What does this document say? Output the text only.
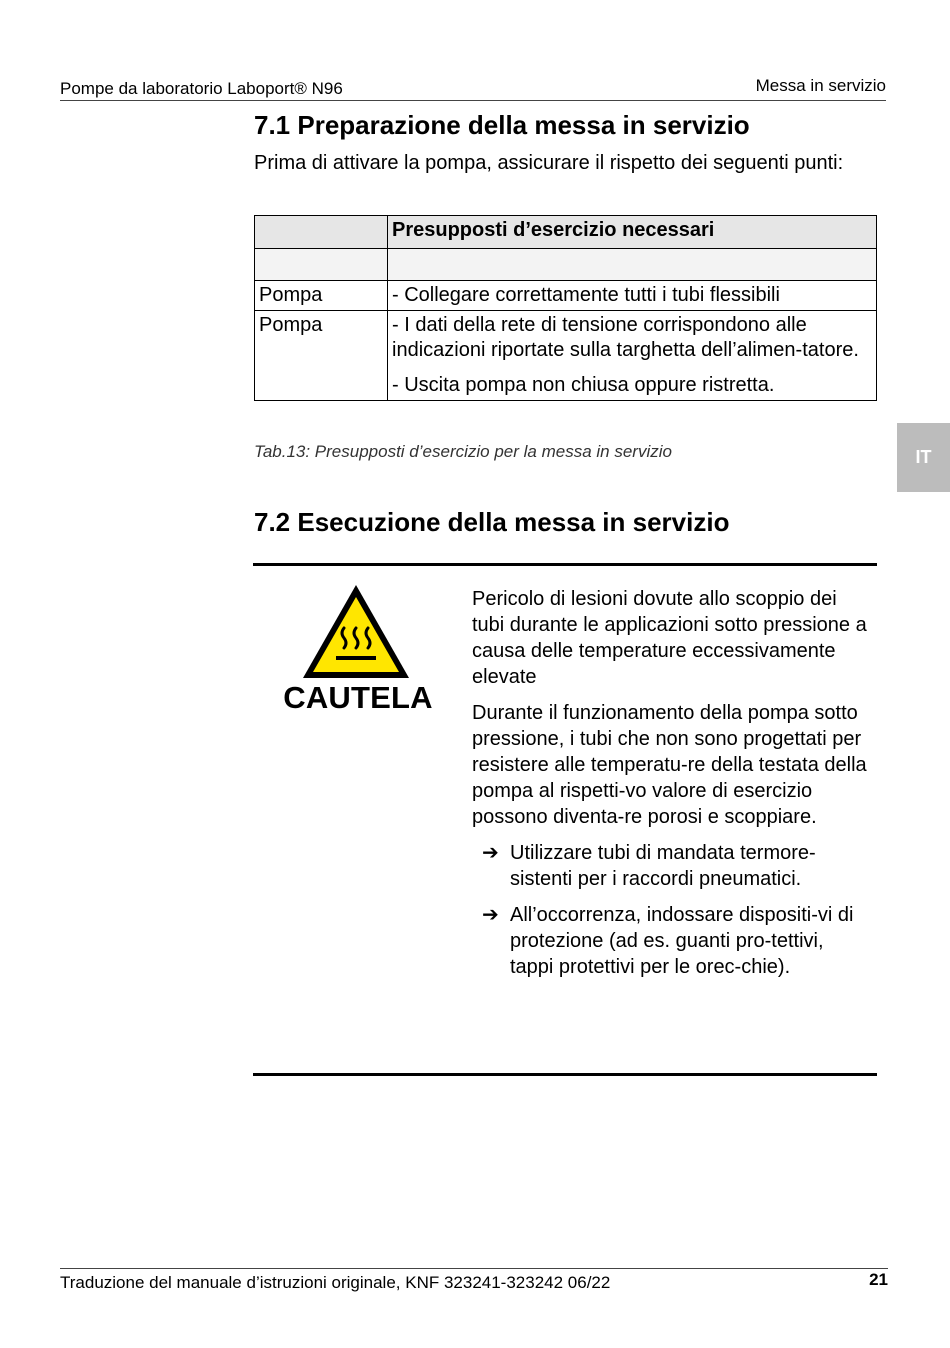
Pompe da laboratorio Laboport® N96	Messa in servizio
7.1 Preparazione della messa in servizio

Prima di attivare la pompa, assicurare il rispetto dei seguenti punti:

	Presupposti d’esercizio necessari

Pompa	- Collegare correttamente tutti i tubi flessibili

Pompa	- I dati della rete di tensione corrispondono alle indicazioni riportate sulla targhetta dell’alimen-tatore.

- Uscita pompa non chiusa oppure ristretta.

Tab.13: Presupposti d’esercizio per la messa in servizio	IT
7.2 Esecuzione della messa in servizio
CAUTELA

Pericolo di lesioni dovute allo scoppio dei tubi durante le applicazioni sotto pressione a causa delle temperature eccessivamente elevate

Durante il funzionamento della pompa sotto pressione, i tubi che non sono progettati per resistere alle temperatu-re della testata della pompa al rispetti-vo valore di esercizio possono diventa-re porosi e scoppiare.

➔ Utilizzare tubi di mandata termore-sistenti per i raccordi pneumatici.
➔ All’occorrenza, indossare dispositi-vi di protezione (ad es. guanti pro-tettivi, tappi protettivi per le orec-chie).
Traduzione del manuale d’istruzioni originale, KNF 323241-323242 06/22	21
